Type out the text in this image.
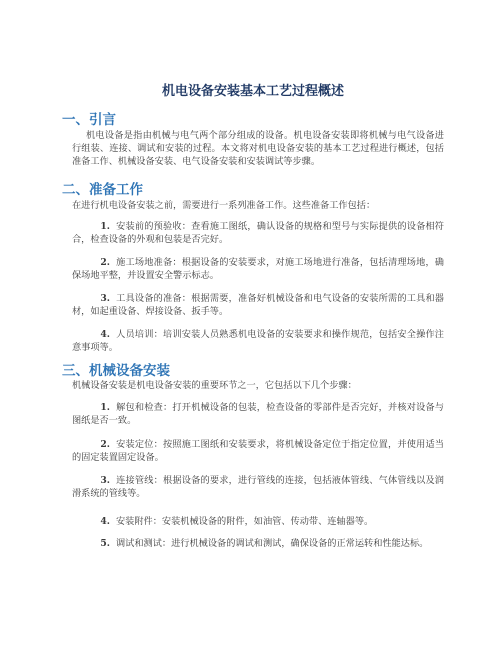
机电设备安装基本工艺过程概述
一、引言

机电设备是指由机械与电气两个部分组成的设备。机电设备安装即将机械与电气设备进行组装、连接、调试和安装的过程。本文将对机电设备安装的基本工艺过程进行概述，包括准备工作、机械设备安装、电气设备安装和安装调试等步骤。

二、准备工作

在进行机电设备安装之前，需要进行一系列准备工作。这些准备工作包括：

1. 安装前的预验收：查看施工图纸，确认设备的规格和型号与实际提供的设备相符合，检查设备的外观和包装是否完好。

2. 施工场地准备：根据设备的安装要求，对施工场地进行准备，包括清理场地，确保场地平整，并设置安全警示标志。

3. 工具设备的准备：根据需要，准备好机械设备和电气设备的安装所需的工具和器材，如起重设备、焊接设备、扳手等。

4. 人员培训：培训安装人员熟悉机电设备的安装要求和操作规范，包括安全操作注意事项等。

三、机械设备安装

机械设备安装是机电设备安装的重要环节之一，它包括以下几个步骤：

1. 解包和检查：打开机械设备的包装，检查设备的零部件是否完好，并核对设备与图纸是否一致。

2. 安装定位：按照施工图纸和安装要求，将机械设备定位于指定位置，并使用适当的固定装置固定设备。

3. 连接管线：根据设备的要求，进行管线的连接，包括液体管线、气体管线以及润滑系统的管线等。

4. 安装附件：安装机械设备的附件，如油管、传动带、连轴器等。

5. 调试和测试：进行机械设备的调试和测试，确保设备的正常运转和性能达标。
